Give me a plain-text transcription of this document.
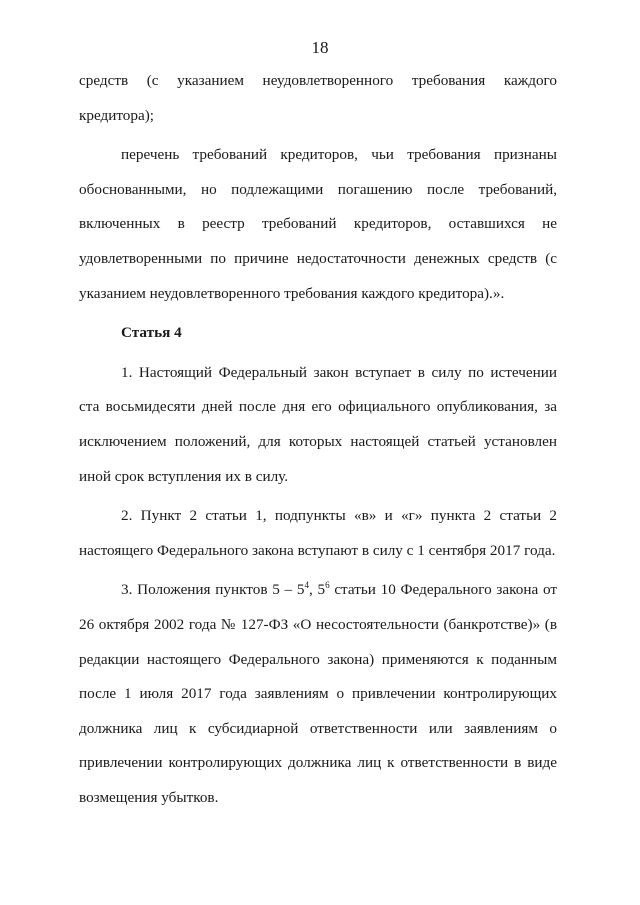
18

средств (с указанием неудовлетворенного требования каждого кредитора);

перечень требований кредиторов, чьи требования признаны обоснованными, но подлежащими погашению после требований, включенных в реестр требований кредиторов, оставшихся не удовлетворенными по причине недостаточности денежных средств (с указанием неудовлетворенного требования каждого кредитора).».

Статья 4

1. Настоящий Федеральный закон вступает в силу по истечении ста восьмидесяти дней после дня его официального опубликования, за исключением положений, для которых настоящей статьей установлен иной срок вступления их в силу.

2. Пункт 2 статьи 1, подпункты «в» и «г» пункта 2 статьи 2 настоящего Федерального закона вступают в силу с 1 сентября 2017 года.

3. Положения пунктов $5 - 5^4$, $5^6$ статьи 10 Федерального закона от 26 октября 2002 года № 127-ФЗ «О несостоятельности (банкротстве)» (в редакции настоящего Федерального закона) применяются к поданным после 1 июля 2017 года заявлениям о привлечении контролирующих должника лиц к субсидиарной ответственности или заявлениям о привлечении контролирующих должника лиц к ответственности в виде возмещения убытков.
